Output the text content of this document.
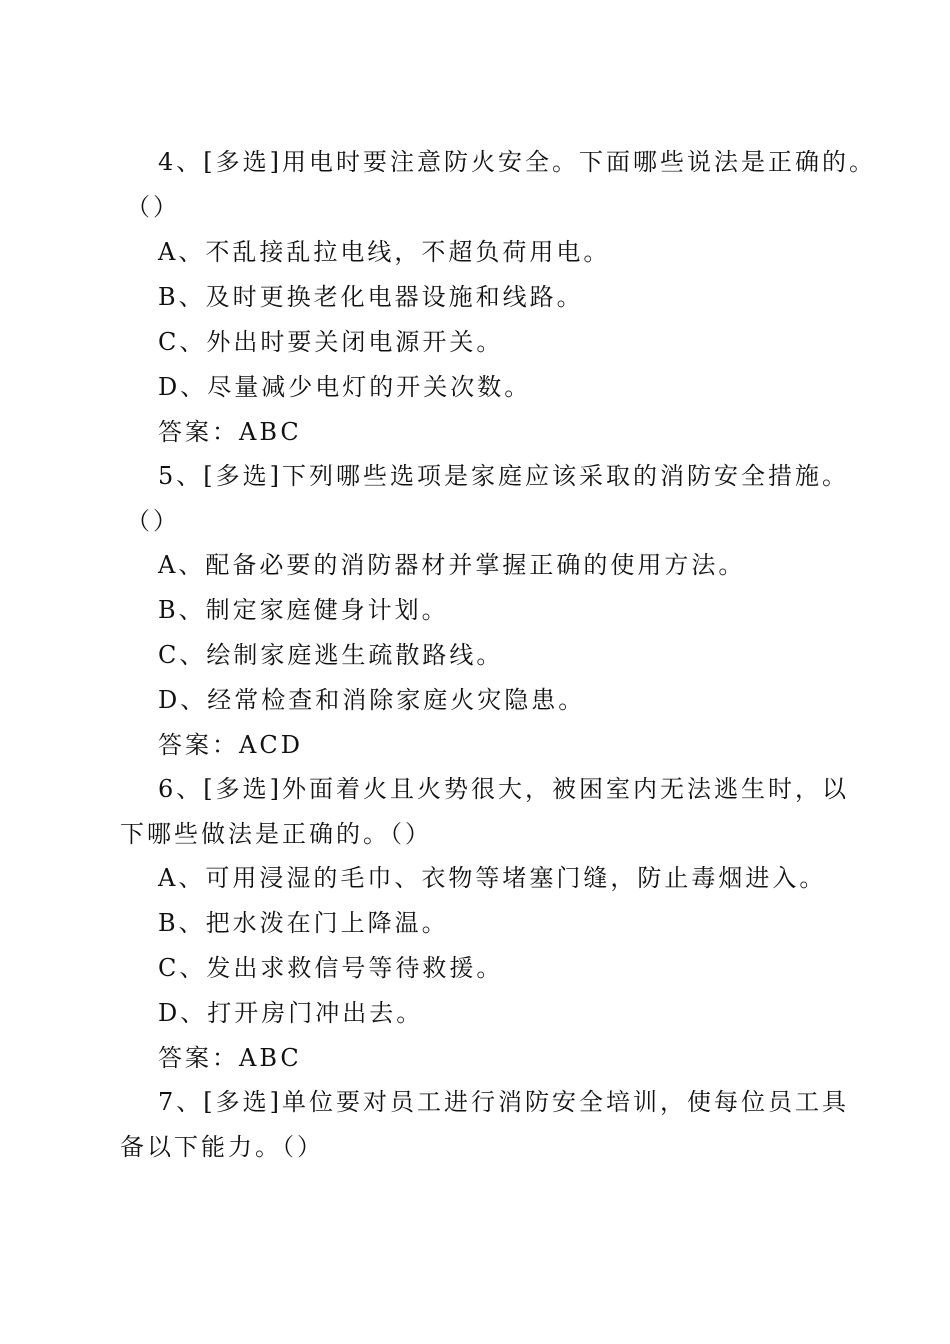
4、[多选]用电时要注意防火安全。下面哪些说法是正确的。
（）
A、不乱接乱拉电线，不超负荷用电。
B、及时更换老化电器设施和线路。
C、外出时要关闭电源开关。
D、尽量减少电灯的开关次数。
答案：ABC
5、[多选]下列哪些选项是家庭应该采取的消防安全措施。
（）
A、配备必要的消防器材并掌握正确的使用方法。
B、制定家庭健身计划。
C、绘制家庭逃生疏散路线。
D、经常检查和消除家庭火灾隐患。
答案：ACD
6、[多选]外面着火且火势很大，被困室内无法逃生时，以
下哪些做法是正确的。（）
A、可用浸湿的毛巾、衣物等堵塞门缝，防止毒烟进入。
B、把水泼在门上降温。
C、发出求救信号等待救援。
D、打开房门冲出去。
答案：ABC
7、[多选]单位要对员工进行消防安全培训，使每位员工具
备以下能力。（）
